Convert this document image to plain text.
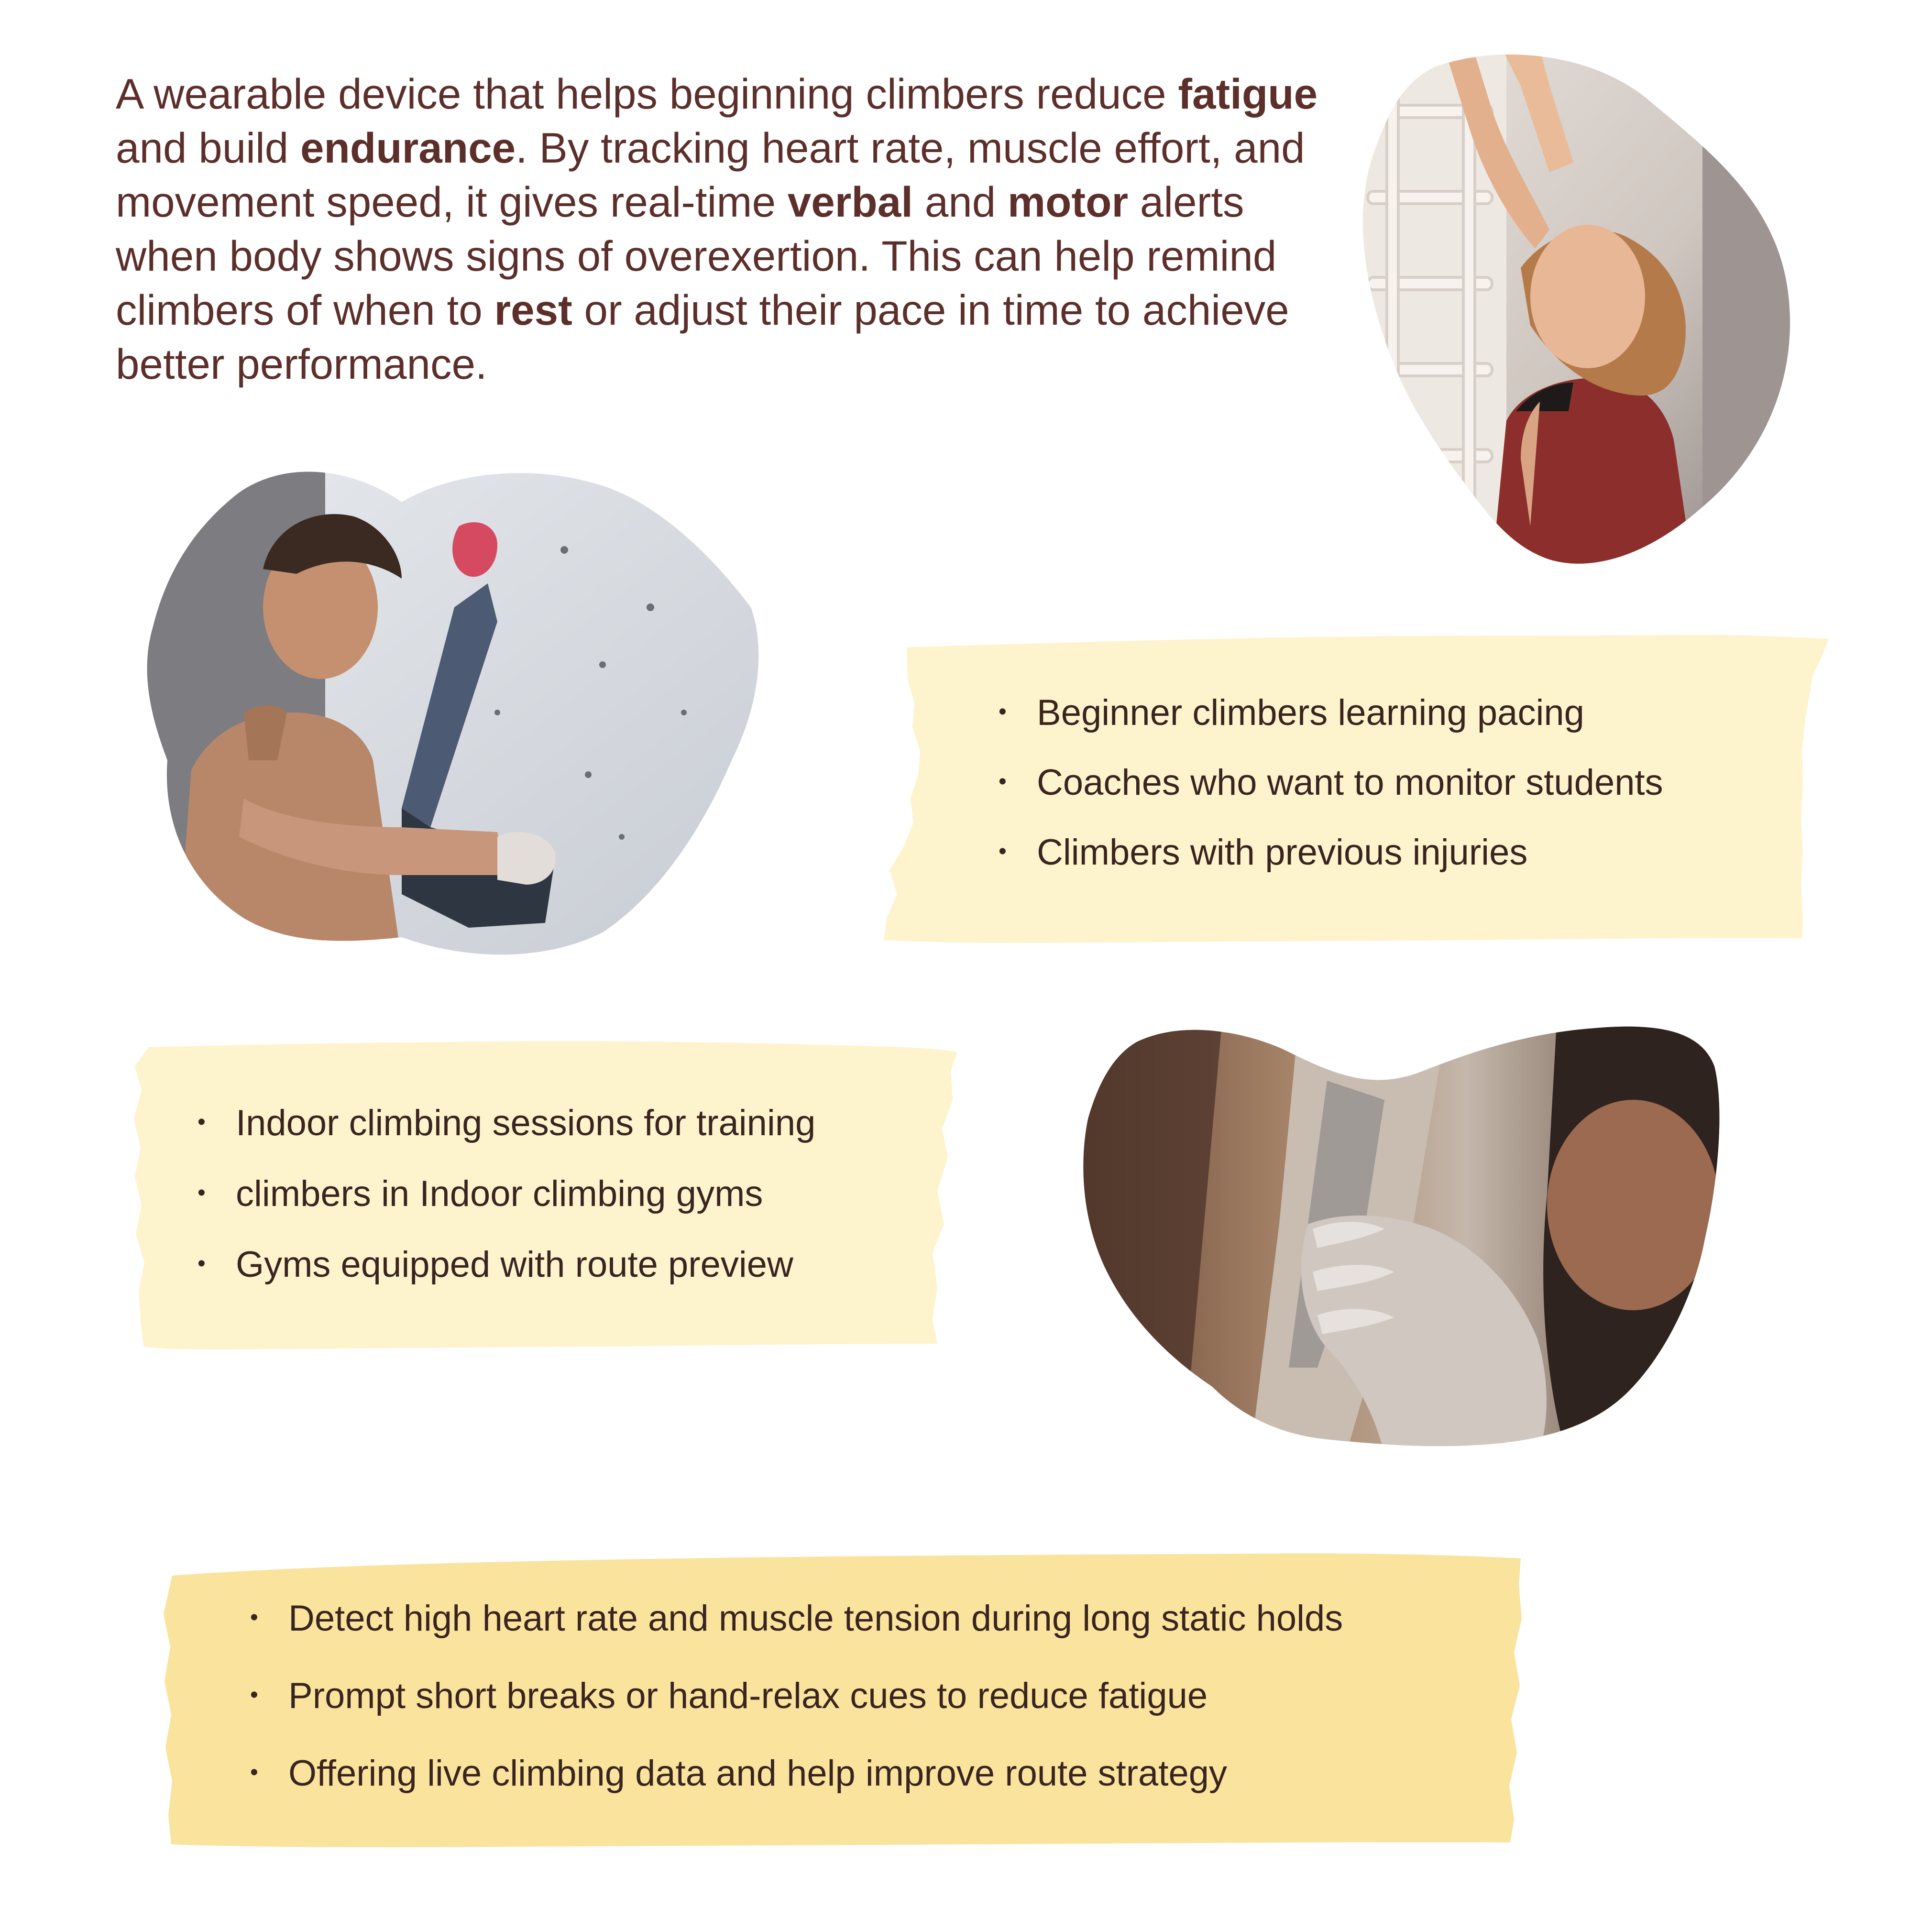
A wearable device that helps beginning climbers reduce fatigue and build endurance. By tracking heart rate, muscle effort, and movement speed, it gives real-time verbal and motor alerts when body shows signs of overexertion. This can help remind climbers of when to rest or adjust their pace in time to achieve better performance.

• Beginner climbers learning pacing
• Coaches who want to monitor students
• Climbers with previous injuries
• Indoor climbing sessions for training
• climbers in Indoor climbing gyms
• Gyms equipped with route preview
• Detect high heart rate and muscle tension during long static holds
• Prompt short breaks or hand-relax cues to reduce fatigue
• Offering live climbing data and help improve route strategy
